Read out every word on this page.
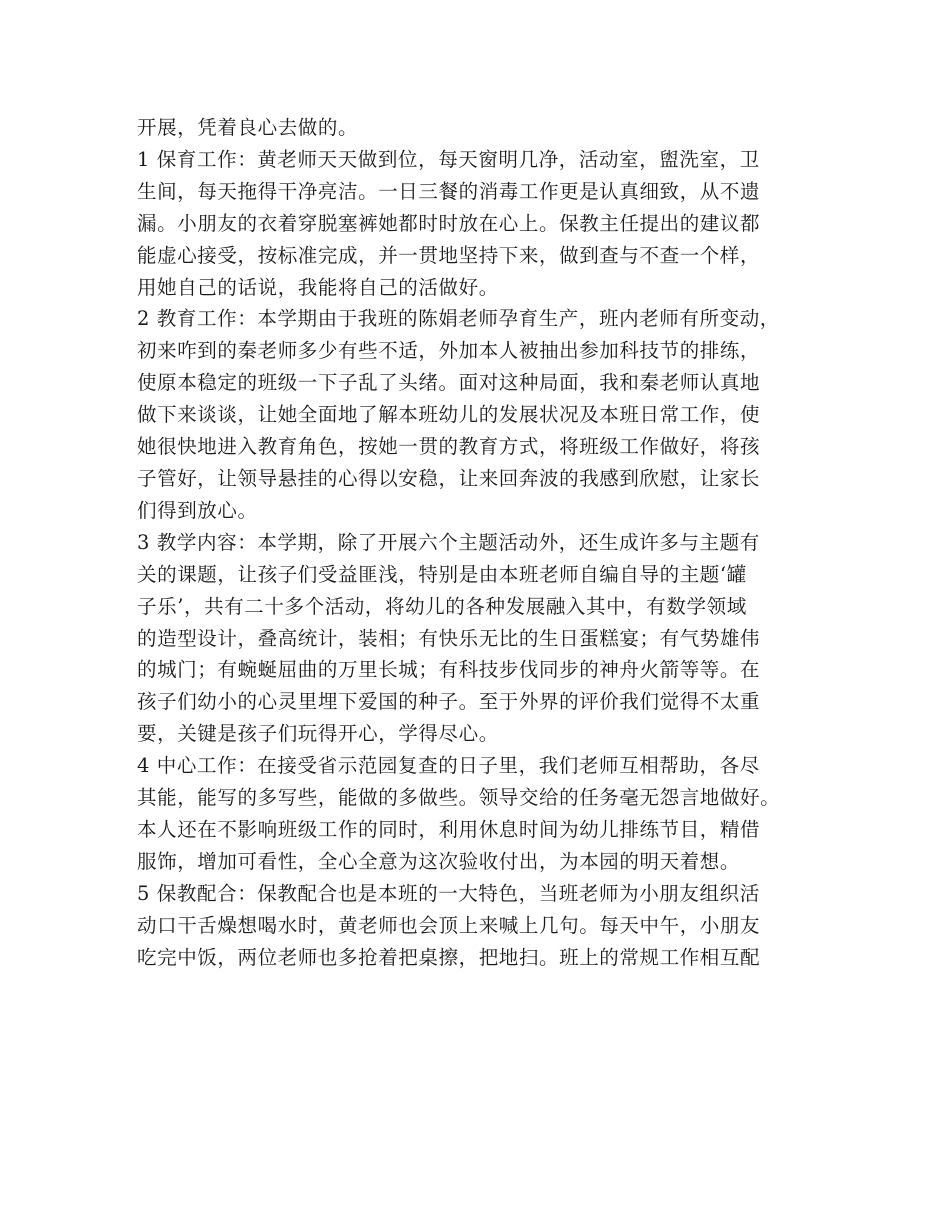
开展，凭着良心去做的。
1 保育工作：黄老师天天做到位，每天窗明几净，活动室，盥洗室，卫
生间，每天拖得干净亮洁。一日三餐的消毒工作更是认真细致，从不遗
漏。小朋友的衣着穿脱塞裤她都时时放在心上。保教主任提出的建议都
能虚心接受，按标准完成，并一贯地坚持下来，做到查与不查一个样，
用她自己的话说，我能将自己的活做好。
2 教育工作：本学期由于我班的陈娟老师孕育生产，班内老师有所变动，
初来咋到的秦老师多少有些不适，外加本人被抽出参加科技节的排练，
使原本稳定的班级一下子乱了头绪。面对这种局面，我和秦老师认真地
做下来谈谈，让她全面地了解本班幼儿的发展状况及本班日常工作，使
她很快地进入教育角色，按她一贯的教育方式，将班级工作做好，将孩
子管好，让领导悬挂的心得以安稳，让来回奔波的我感到欣慰，让家长
们得到放心。
3 教学内容：本学期，除了开展六个主题活动外，还生成许多与主题有
关的课题，让孩子们受益匪浅，特别是由本班老师自编自导的主题‘罐
子乐’，共有二十多个活动，将幼儿的各种发展融入其中，有数学领域
的造型设计，叠高统计，装相；有快乐无比的生日蛋糕宴；有气势雄伟
的城门；有蜿蜒屈曲的万里长城；有科技步伐同步的神舟火箭等等。在
孩子们幼小的心灵里埋下爱国的种子。至于外界的评价我们觉得不太重
要，关键是孩子们玩得开心，学得尽心。
4 中心工作：在接受省示范园复查的日子里，我们老师互相帮助，各尽
其能，能写的多写些，能做的多做些。领导交给的任务毫无怨言地做好。
本人还在不影响班级工作的同时，利用休息时间为幼儿排练节目，精借
服饰，增加可看性，全心全意为这次验收付出，为本园的明天着想。
5 保教配合：保教配合也是本班的一大特色，当班老师为小朋友组织活
动口干舌燥想喝水时，黄老师也会顶上来喊上几句。每天中午，小朋友
吃完中饭，两位老师也多抢着把桌擦，把地扫。班上的常规工作相互配
